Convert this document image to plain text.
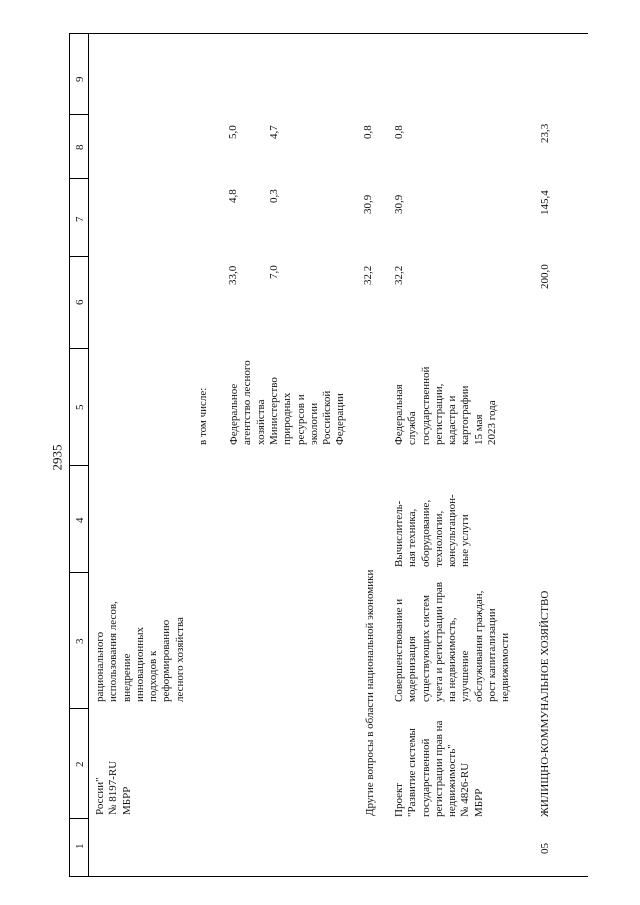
2935
1
2
3
4
5
6
7
8
9
России" № 8197-RU МБРР
рационального использования лесов, внедрение инновационных подходов к реформированию лесного хозяйства
в том числе: Федеральное агентство лесного хозяйства
33,0
4,8
5,0
Министерство природных ресурсов и экологии Российской Федерации
7,0
0,3
4,7
Другие вопросы в области национальной экономики
32,2
30,9
0,8
Проект "Развитие системы государственной регистрации прав на недвижимость" № 4826-RU МБРР
Совершенствование и модернизация существующих систем учета и регистрации прав на недвижимость, улучшение обслуживания граждан, рост капитализации недвижимости
Вычислитель- ная техника, оборудование, технологии, консультацион- ные услуги
Федеральная служба государственной регистрации, кадастра и картографии 15 мая 2023 года
32,2
30,9
0,8
05
ЖИЛИЩНО-КОММУНАЛЬНОЕ ХОЗЯЙСТВО
200,0
145,4
23,3
